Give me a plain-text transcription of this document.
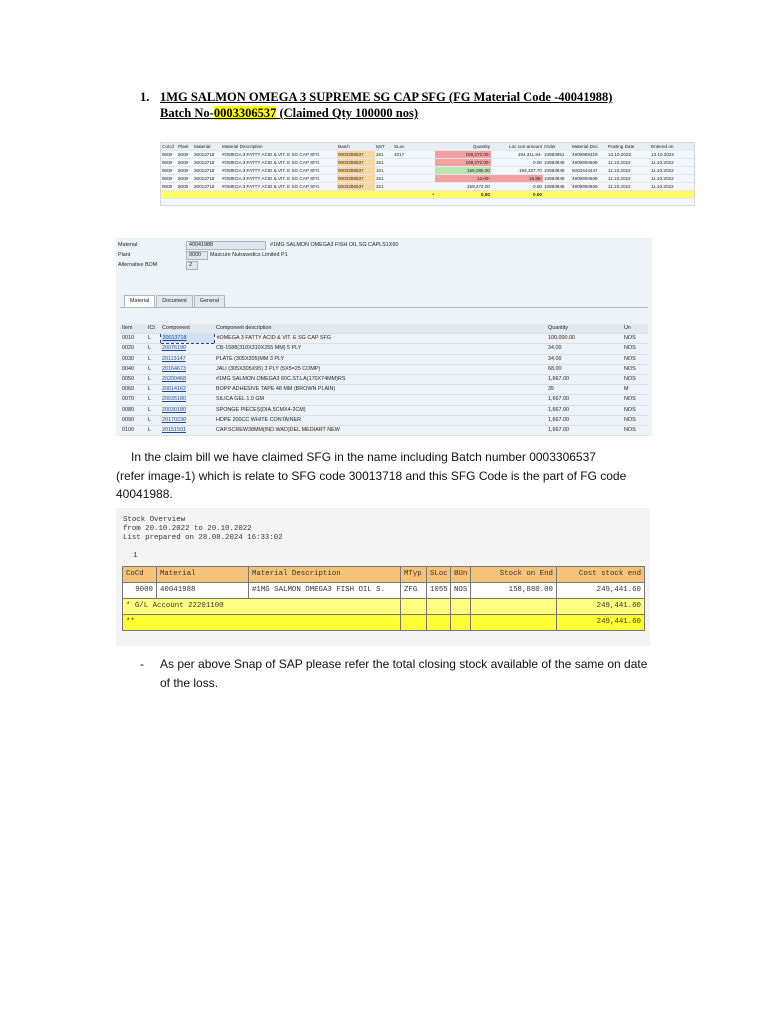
1. 1MG SALMON OMEGA 3 SUPREME SG CAP SFG (FG Material Code -40041988)
Batch No-0003306537 (Claimed Qty 100000 nos)
CoCd	Plant	Material	Material Description	Batch	MvT	SLoc	Quantity	Loc.curr.amount	Order	Material Doc.	Posting Date	Entered on
9000	9000	30013718	#OMEGA 3 FATTY ACID & VIT. E SG CAP SFG	0003306537	261	1017	159,272.00-	194,311.84-	10883951	4909989319	13.10.2022	13.10.2022
9000	9000	30013718	#OMEGA 3 FATTY ACID & VIT. E SG CAP SFG	0003306537	321		159,272.00-	0.00	10883949	4909900606	11.10.2022	11.10.2022
9000	9000	30013718	#OMEGA 3 FATTY ACID & VIT. E SG CAP SFG	0003306537	101		159,285.00	194,327.70	10883949	5002444447	11.10.2022	11.10.2022
9000	9000	30013718	#OMEGA 3 FATTY ACID & VIT. E SG CAP SFG	0003306537	321		13.00-	15.86-	10883949	4909900606	11.10.2022	11.10.2022
9000	9000	30013718	#OMEGA 3 FATTY ACID & VIT. E SG CAP SFG	0003306537	321		159,272.00	0.00	10883949	4909900606	11.10.2022	11.10.2022
						•	0.00	0.00				
Material	40041988	#1MG SALMON OMEGA3 FISH OIL SG CAPLS1X60
Plant	9000	Maxcure Nutravedics Limited P1
Alternative BOM	2
Material Document General
Item	ICt	Component	Component description	Quantity	Un
0010	L	30013718	#OMEGA 3 FATTY ACID & VIT. E SG CAP SFG	100,000.00	NOS
0020	L	20076190	CB-1588(310X310X255 MM) 5 PLY	34.00	NOS
0030	L	20113147	PLATE (305X305)MM 3 PLY	34.00	NOS
0040	L	20164673	JALI (305X305X95) 3 PLY (5X5=25 COMP)	68.00	NOS
0050	L	20200468	#1MG SALMON OMEGA3 60C.ST.LA(170X74MM)RS	1,667.00	NOS
0060	L	20014162	BOPP ADHESIVE TAPE 48 MM (BROWN PLAIN)	35	M
0070	L	20035180	SILICA GEL 1.0 GM	1,667.00	NOS
0080	L	20030180	SPONGE PIECES(DIA.5CMX4-2CM)	1,667.00	NOS
0090	L	20170230	HDPE 200CC WHITE CONTAINER	1,667.00	NOS
0100	L	20151501	CAP.SCREW38MM(IND.WAD)DEL.MEDIART NEW	1,667.00	NOS
In the claim bill we have claimed SFG in the name including Batch number 0003306537
(refer image-1) which is relate to SFG code 30013718 and this SFG Code is the part of FG code
40041988.
Stock Overview
from 20.10.2022 to 20.10.2022
List prepared on 28.08.2024 16:33:02
1
CoCd	Material	Material Description	MTyp	SLoc	BUn	Stock on End	Cost stock end
9000	40041988	#1MG SALMON OMEGA3 FISH OIL S.	ZFG	1055	NOS	158,880.00	249,441.60
* G/L Account 22201100							249,441.60
**							249,441.60
- As per above Snap of SAP please refer the total closing stock available of the same on date of the loss.
